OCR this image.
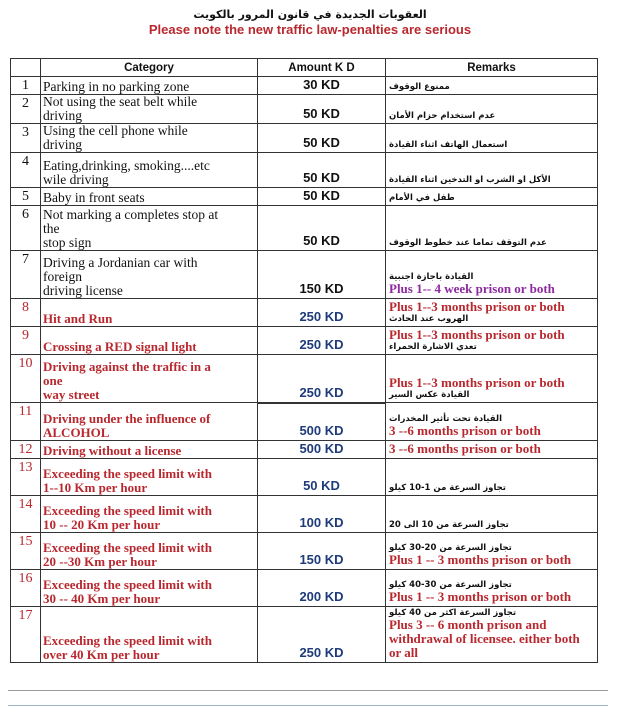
العقوبات الجديدة في قانون المرور بالكويت
Please note the new traffic law-penalties are serious
	Category	Amount K D	Remarks
1	Parking in no parking zone	30 KD	ممنوع الوقوف

2	Not using the seat belt while
driving	50 KD	عدم استخدام حزام الأمان

3	Using the cell phone while
driving	50 KD	استعمال الهاتف اثناء القيادة

4	Eating,drinking, smoking....etc
wile driving	50 KD	الأكل او الشرب او التدخين اثناء القيادة

5	Baby in front seats	50 KD	طفل في الأمام

6	Not marking a completes stop at
the
stop sign	50 KD	عدم التوقف تماما عند خطوط الوقوف

7	Driving a Jordanian car with
foreign
driving license	150 KD	القيادة باجازة اجنبية
Plus 1-- 4 week prison or both

8	Hit and Run	250 KD	Plus 1--3 months prison or both
الهروب عند الحادث

9	Crossing a RED signal light	250 KD	Plus 1--3 months prison or both
تعدي الاشارة الحمراء

10	Driving against the traffic in a
one
way street	250 KD	Plus 1--3 months prison or both
القيادة عكس السير

11	Driving under the influence of
ALCOHOL	500 KD	القيادة تحت تأثير المخدرات
3 --6 months prison or both

12	Driving without a license	500 KD	3 --6 months prison or both

13	Exceeding the speed limit with
1--10 Km per hour	50 KD	تجاوز السرعة من 1-10 كيلو

14	Exceeding the speed limit with
10 -- 20 Km per hour	100 KD	تجاوز السرعة من 10 الى 20

15	Exceeding the speed limit with
20 --30 Km per hour	150 KD	تجاوز السرعة من 20-30 كيلو
Plus 1 -- 3 months prison or both

16	Exceeding the speed limit with
30 -- 40 Km per hour	200 KD	تجاوز السرعة من 30-40 كيلو
Plus 1 -- 3 months prison or both

17	Exceeding the speed limit with
over 40 Km per hour	250 KD	تجاوز السرعة اكثر من 40 كيلو
Plus 3 -- 6 month prison and withdrawal of licensee. either both or all
